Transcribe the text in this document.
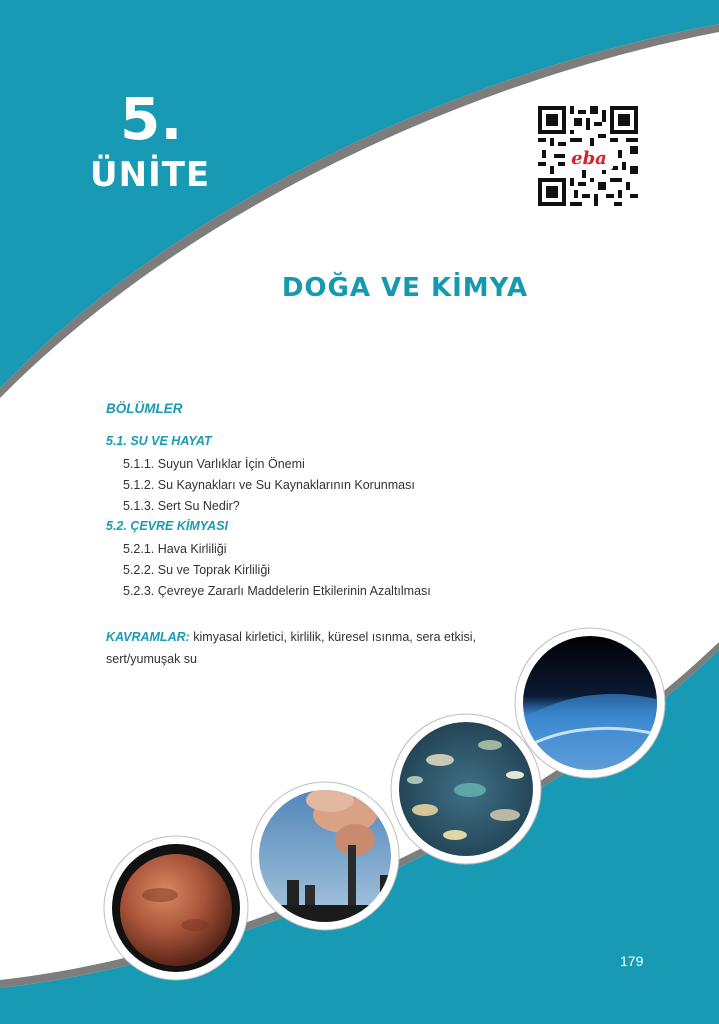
5.
ÜNİTE	eba
DOĞA VE KİMYA
BÖLÜMLER
5.1. SU VE HAYAT
5.1.1. Suyun Varlıklar İçin Önemi
5.1.2. Su Kaynakları ve Su Kaynaklarının Korunması
5.1.3. Sert Su Nedir?
5.2. ÇEVRE KİMYASI
5.2.1. Hava Kirliliği
5.2.2. Su ve Toprak Kirliliği
5.2.3. Çevreye Zararlı Maddelerin Etkilerinin Azaltılması
KAVRAMLAR: kimyasal kirletici, kirlilik, küresel ısınma, sera etkisi, sert/yumuşak su
179
